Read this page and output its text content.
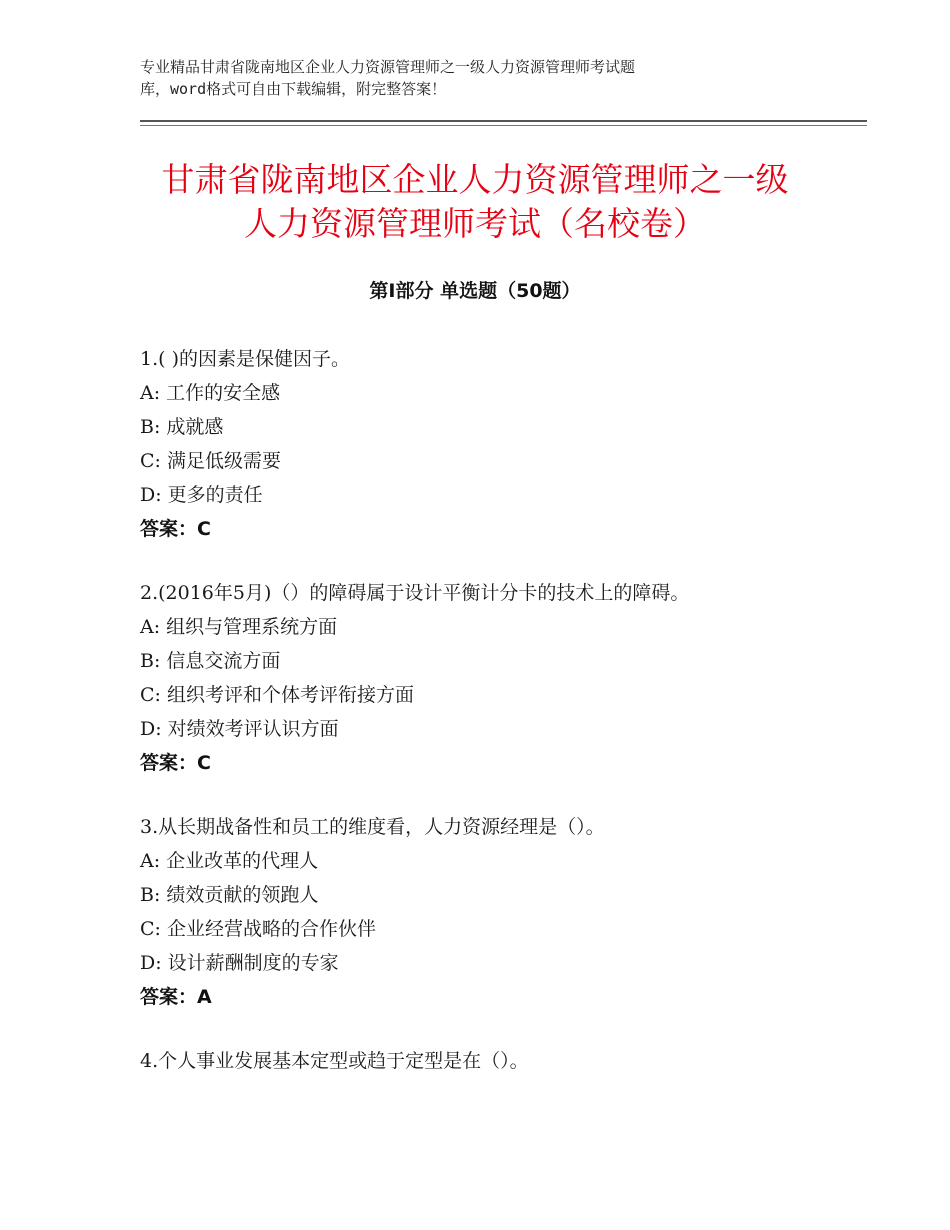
专业精品甘肃省陇南地区企业人力资源管理师之一级人力资源管理师考试题
库，word格式可自由下载编辑，附完整答案！
甘肃省陇南地区企业人力资源管理师之一级
人力资源管理师考试（名校卷）
第Ⅰ部分 单选题（50题）
1.( )的因素是保健因子。
A: 工作的安全感
B: 成就感
C: 满足低级需要
D: 更多的责任
答案：C
2.(2016年5月)（）的障碍属于设计平衡计分卡的技术上的障碍。
A: 组织与管理系统方面
B: 信息交流方面
C: 组织考评和个体考评衔接方面
D: 对绩效考评认识方面
答案：C
3.从长期战备性和员工的维度看，人力资源经理是（）。
A: 企业改革的代理人
B: 绩效贡献的领跑人
C: 企业经营战略的合作伙伴
D: 设计薪酬制度的专家
答案：A
4.个人事业发展基本定型或趋于定型是在（）。
